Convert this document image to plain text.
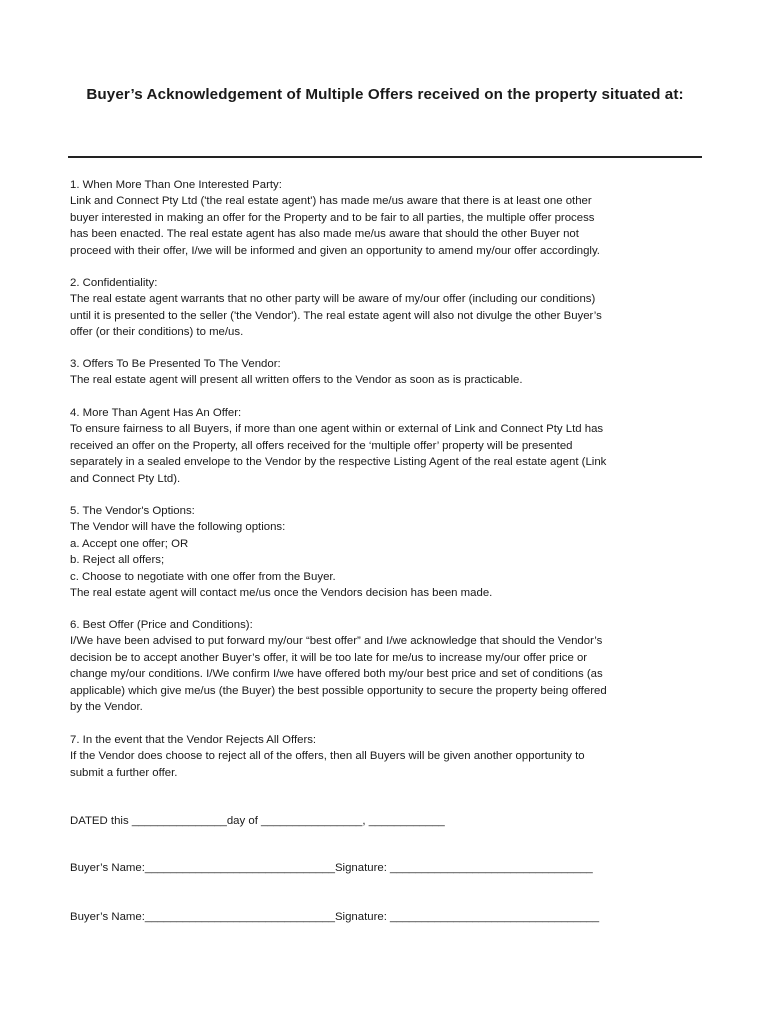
Buyer’s Acknowledgement of Multiple Offers received on the property situated at:
1. When More Than One Interested Party:
Link and Connect Pty Ltd ('the real estate agent') has made me/us aware that there is at least one other
buyer interested in making an offer for the Property and to be fair to all parties, the multiple offer process
has been enacted. The real estate agent has also made me/us aware that should the other Buyer not
proceed with their offer, I/we will be informed and given an opportunity to amend my/our offer accordingly.
2. Confidentiality:
The real estate agent warrants that no other party will be aware of my/our offer (including our conditions)
until it is presented to the seller ('the Vendor'). The real estate agent will also not divulge the other Buyer’s
offer (or their conditions) to me/us.
3. Offers To Be Presented To The Vendor:
The real estate agent will present all written offers to the Vendor as soon as is practicable.
4. More Than Agent Has An Offer:
To ensure fairness to all Buyers, if more than one agent within or external of Link and Connect Pty Ltd has
received an offer on the Property, all offers received for the ‘multiple offer’ property will be presented
separately in a sealed envelope to the Vendor by the respective Listing Agent of the real estate agent (Link
and Connect Pty Ltd).
5. The Vendor's Options:
The Vendor will have the following options:
a. Accept one offer; OR
b. Reject all offers;
c. Choose to negotiate with one offer from the Buyer.
The real estate agent will contact me/us once the Vendors decision has been made.
6. Best Offer (Price and Conditions):
I/We have been advised to put forward my/our “best offer” and I/we acknowledge that should the Vendor’s
decision be to accept another Buyer’s offer, it will be too late for me/us to increase my/our offer price or
change my/our conditions. I/We confirm I/we have offered both my/our best price and set of conditions (as
applicable) which give me/us (the Buyer) the best possible opportunity to secure the property being offered
by the Vendor.
7. In the event that the Vendor Rejects All Offers:
If the Vendor does choose to reject all of the offers, then all Buyers will be given another opportunity to
submit a further offer.
DATED this _______________day of ________________, ____________
Buyer’s Name:______________________________Signature: ________________________________
Buyer’s Name:______________________________Signature: _________________________________
